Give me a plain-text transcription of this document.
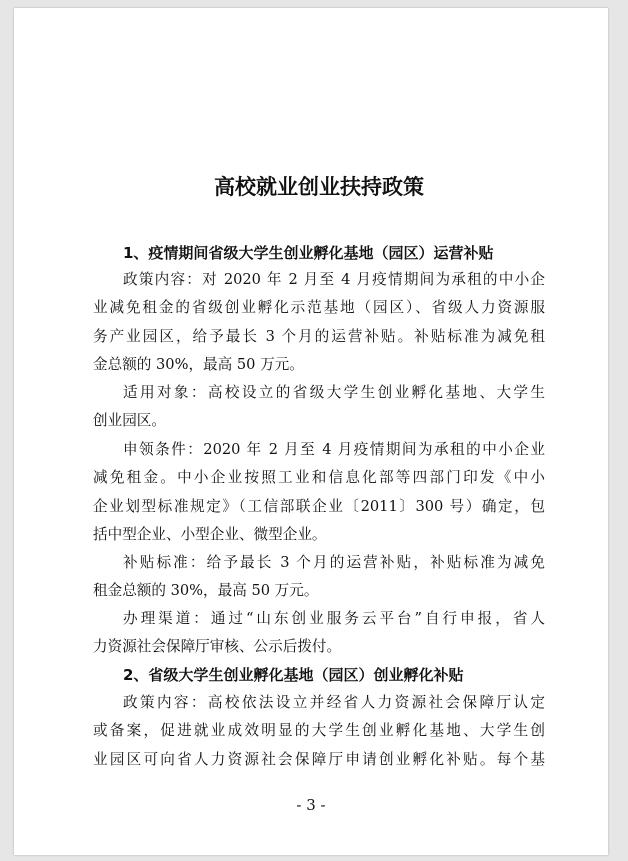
高校就业创业扶持政策
1、疫情期间省级大学生创业孵化基地（园区）运营补贴
政策内容：对 2020 年 2 月至 4 月疫情期间为承租的中小企
业减免租金的省级创业孵化示范基地（园区）、省级人力资源服
务产业园区，给予最长 3 个月的运营补贴。补贴标准为减免租
金总额的 30%，最高 50 万元。
适用对象：高校设立的省级大学生创业孵化基地、大学生
创业园区。
申领条件：2020 年 2 月至 4 月疫情期间为承租的中小企业
减免租金。中小企业按照工业和信息化部等四部门印发《中小
企业划型标准规定》（工信部联企业〔2011〕300 号）确定，包
括中型企业、小型企业、微型企业。
补贴标准：给予最长 3 个月的运营补贴，补贴标准为减免
租金总额的 30%，最高 50 万元。
办理渠道：通过“山东创业服务云平台”自行申报，省人
力资源社会保障厅审核、公示后拨付。
2、省级大学生创业孵化基地（园区）创业孵化补贴
政策内容：高校依法设立并经省人力资源社会保障厅认定
或备案，促进就业成效明显的大学生创业孵化基地、大学生创
业园区可向省人力资源社会保障厅申请创业孵化补贴。每个基

- 3 -
